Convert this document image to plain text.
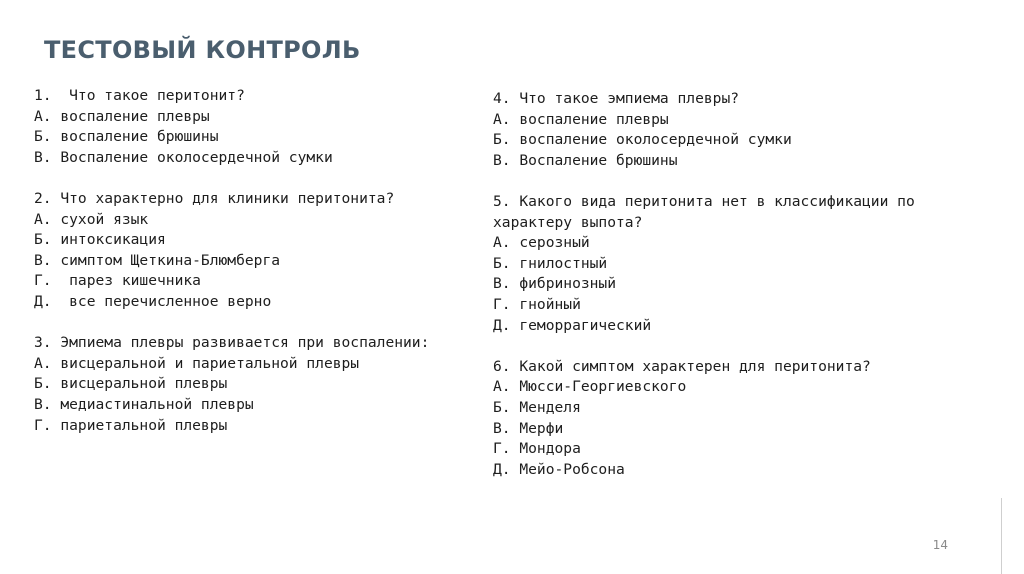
ТЕСТОВЫЙ КОНТРОЛЬ
1.  Что такое перитонит?
А. воспаление плевры
Б. воспаление брюшины
В. Воспаление околосердечной сумки
2. Что характерно для клиники перитонита?
А. сухой язык
Б. интоксикация
В. симптом Щеткина-Блюмберга
Г.  парез кишечника
Д.  все перечисленное верно
3. Эмпиема плевры развивается при воспалении:
А. висцеральной и париетальной плевры
Б. висцеральной плевры
В. медиастинальной плевры
Г. париетальной плевры
4. Что такое эмпиема плевры?
А. воспаление плевры
Б. воспаление околосердечной сумки
В. Воспаление брюшины
5. Какого вида перитонита нет в классификации по характеру выпота?
А. серозный
Б. гнилостный
В. фибринозный
Г. гнойный
Д. геморрагический
6. Какой симптом характерен для перитонита?
А. Мюсси-Георгиевского
Б. Менделя
В. Мерфи
Г. Мондора
Д. Мейо-Робсона
14
